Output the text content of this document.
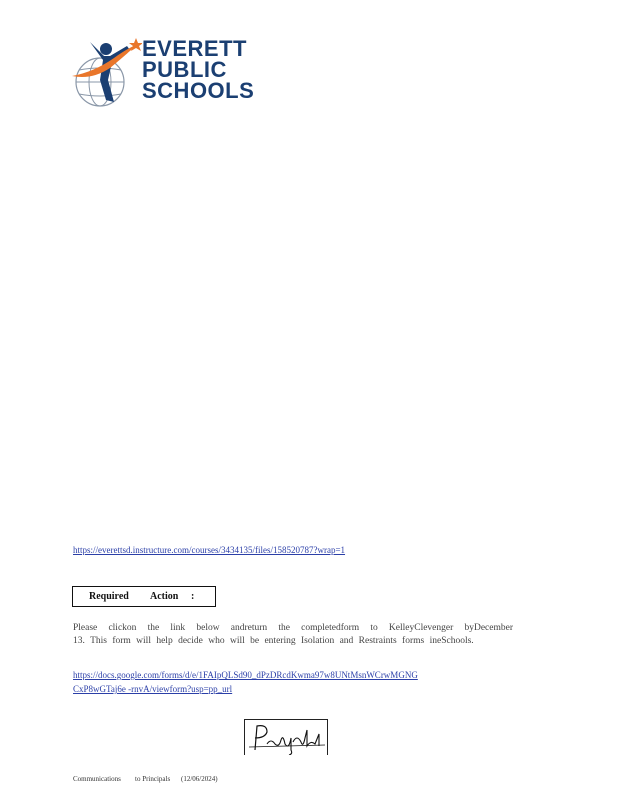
EVERETT
PUBLIC
SCHOOLS
https://everettsd.instructure.com/courses/3434135/files/158520787?wrap=1
Required Action :
Please clickon the link below andreturn the completedform to KelleyClevenger byDecember
13. This form will help decide who will be entering Isolation and Restraints forms ineSchools.
https://docs.google.com/forms/d/e/1FAIpQLSd90_dPzDRcdKwma97w8UNtMsnWCrwMGNG
CxP8wGTaj6e -rnvA/viewform?usp=pp_url
Communications to Principals (12/06/2024)
